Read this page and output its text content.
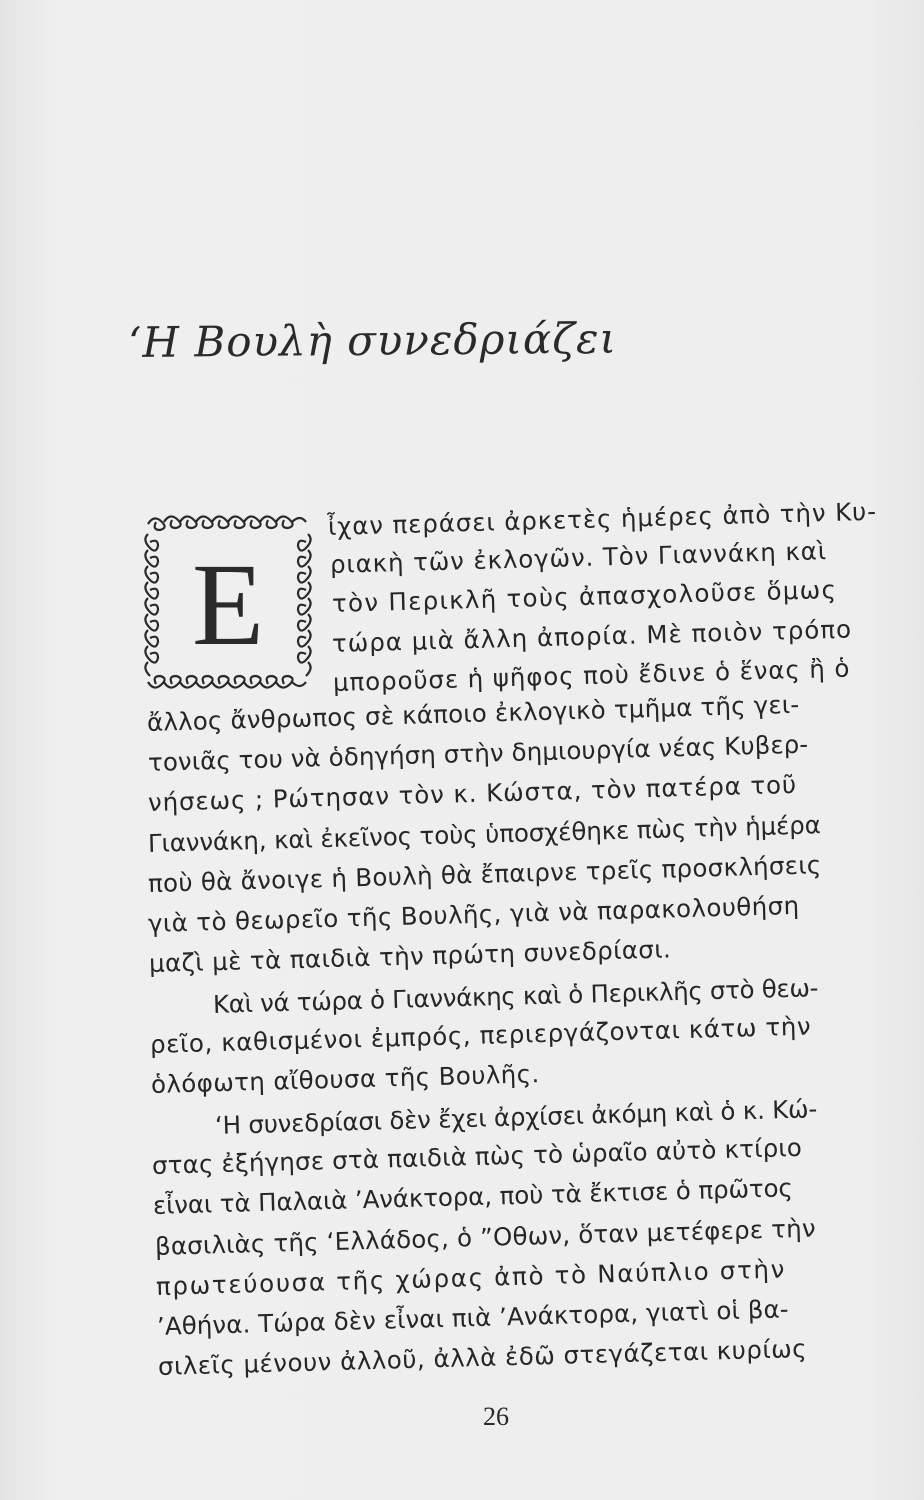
‘Η Βουλὴ συνεδριάζει
Ε
ἶχαν περάσει ἀρκετὲς ἡμέρες ἀπὸ τὴν Κυ-
ριακὴ τῶν ἐκλογῶν. Τὸν Γιαννάκη καὶ
τὸν Περικλῆ τοὺς ἀπασχολοῦσε ὅμως
τώρα μιὰ ἄλλη ἀπορία. Μὲ ποιὸν τρόπο
μποροῦσε ἡ ψῆφος ποὺ ἔδινε ὁ ἕνας ἢ ὁ
ἄλλος ἄνθρωπος σὲ κάποιο ἐκλογικὸ τμῆμα τῆς γει-
τονιᾶς του νὰ ὁδηγήση στὴν δημιουργία νέας Κυβερ-
νήσεως ; Ρώτησαν τὸν κ. Κώστα, τὸν πατέρα τοῦ
Γιαννάκη, καὶ ἐκεῖνος τοὺς ὑποσχέθηκε πὼς τὴν ἡμέρα
ποὺ θὰ ἄνοιγε ἡ Βουλὴ θὰ ἔπαιρνε τρεῖς προσκλήσεις
γιὰ τὸ θεωρεῖο τῆς Βουλῆς, γιὰ νὰ παρακολουθήση
μαζὶ μὲ τὰ παιδιὰ τὴν πρώτη συνεδρίασι.
Καὶ νά τώρα ὁ Γιαννάκης καὶ ὁ Περικλῆς στὸ θεω-
ρεῖο, καθισμένοι ἐμπρός, περιεργάζονται κάτω τὴν
ὁλόφωτη αἴθουσα τῆς Βουλῆς.
‘Η συνεδρίασι δὲν ἔχει ἀρχίσει ἀκόμη καὶ ὁ κ. Κώ-
στας ἐξήγησε στὰ παιδιὰ πὼς τὸ ὡραῖο αὐτὸ κτίριο
εἶναι τὰ Παλαιὰ ’Ανάκτορα, ποὺ τὰ ἔκτισε ὁ πρῶτος
βασιλιὰς τῆς ‘Ελλάδος, ὁ ”Οθων, ὅταν μετέφερε τὴν
πρωτεύουσα τῆς χώρας ἀπὸ τὸ Ναύπλιο στὴν
’Αθήνα. Τώρα δὲν εἶναι πιὰ ’Ανάκτορα, γιατὶ οἱ βα-
σιλεῖς μένουν ἀλλοῦ, ἀλλὰ ἐδῶ στεγάζεται κυρίως
26
